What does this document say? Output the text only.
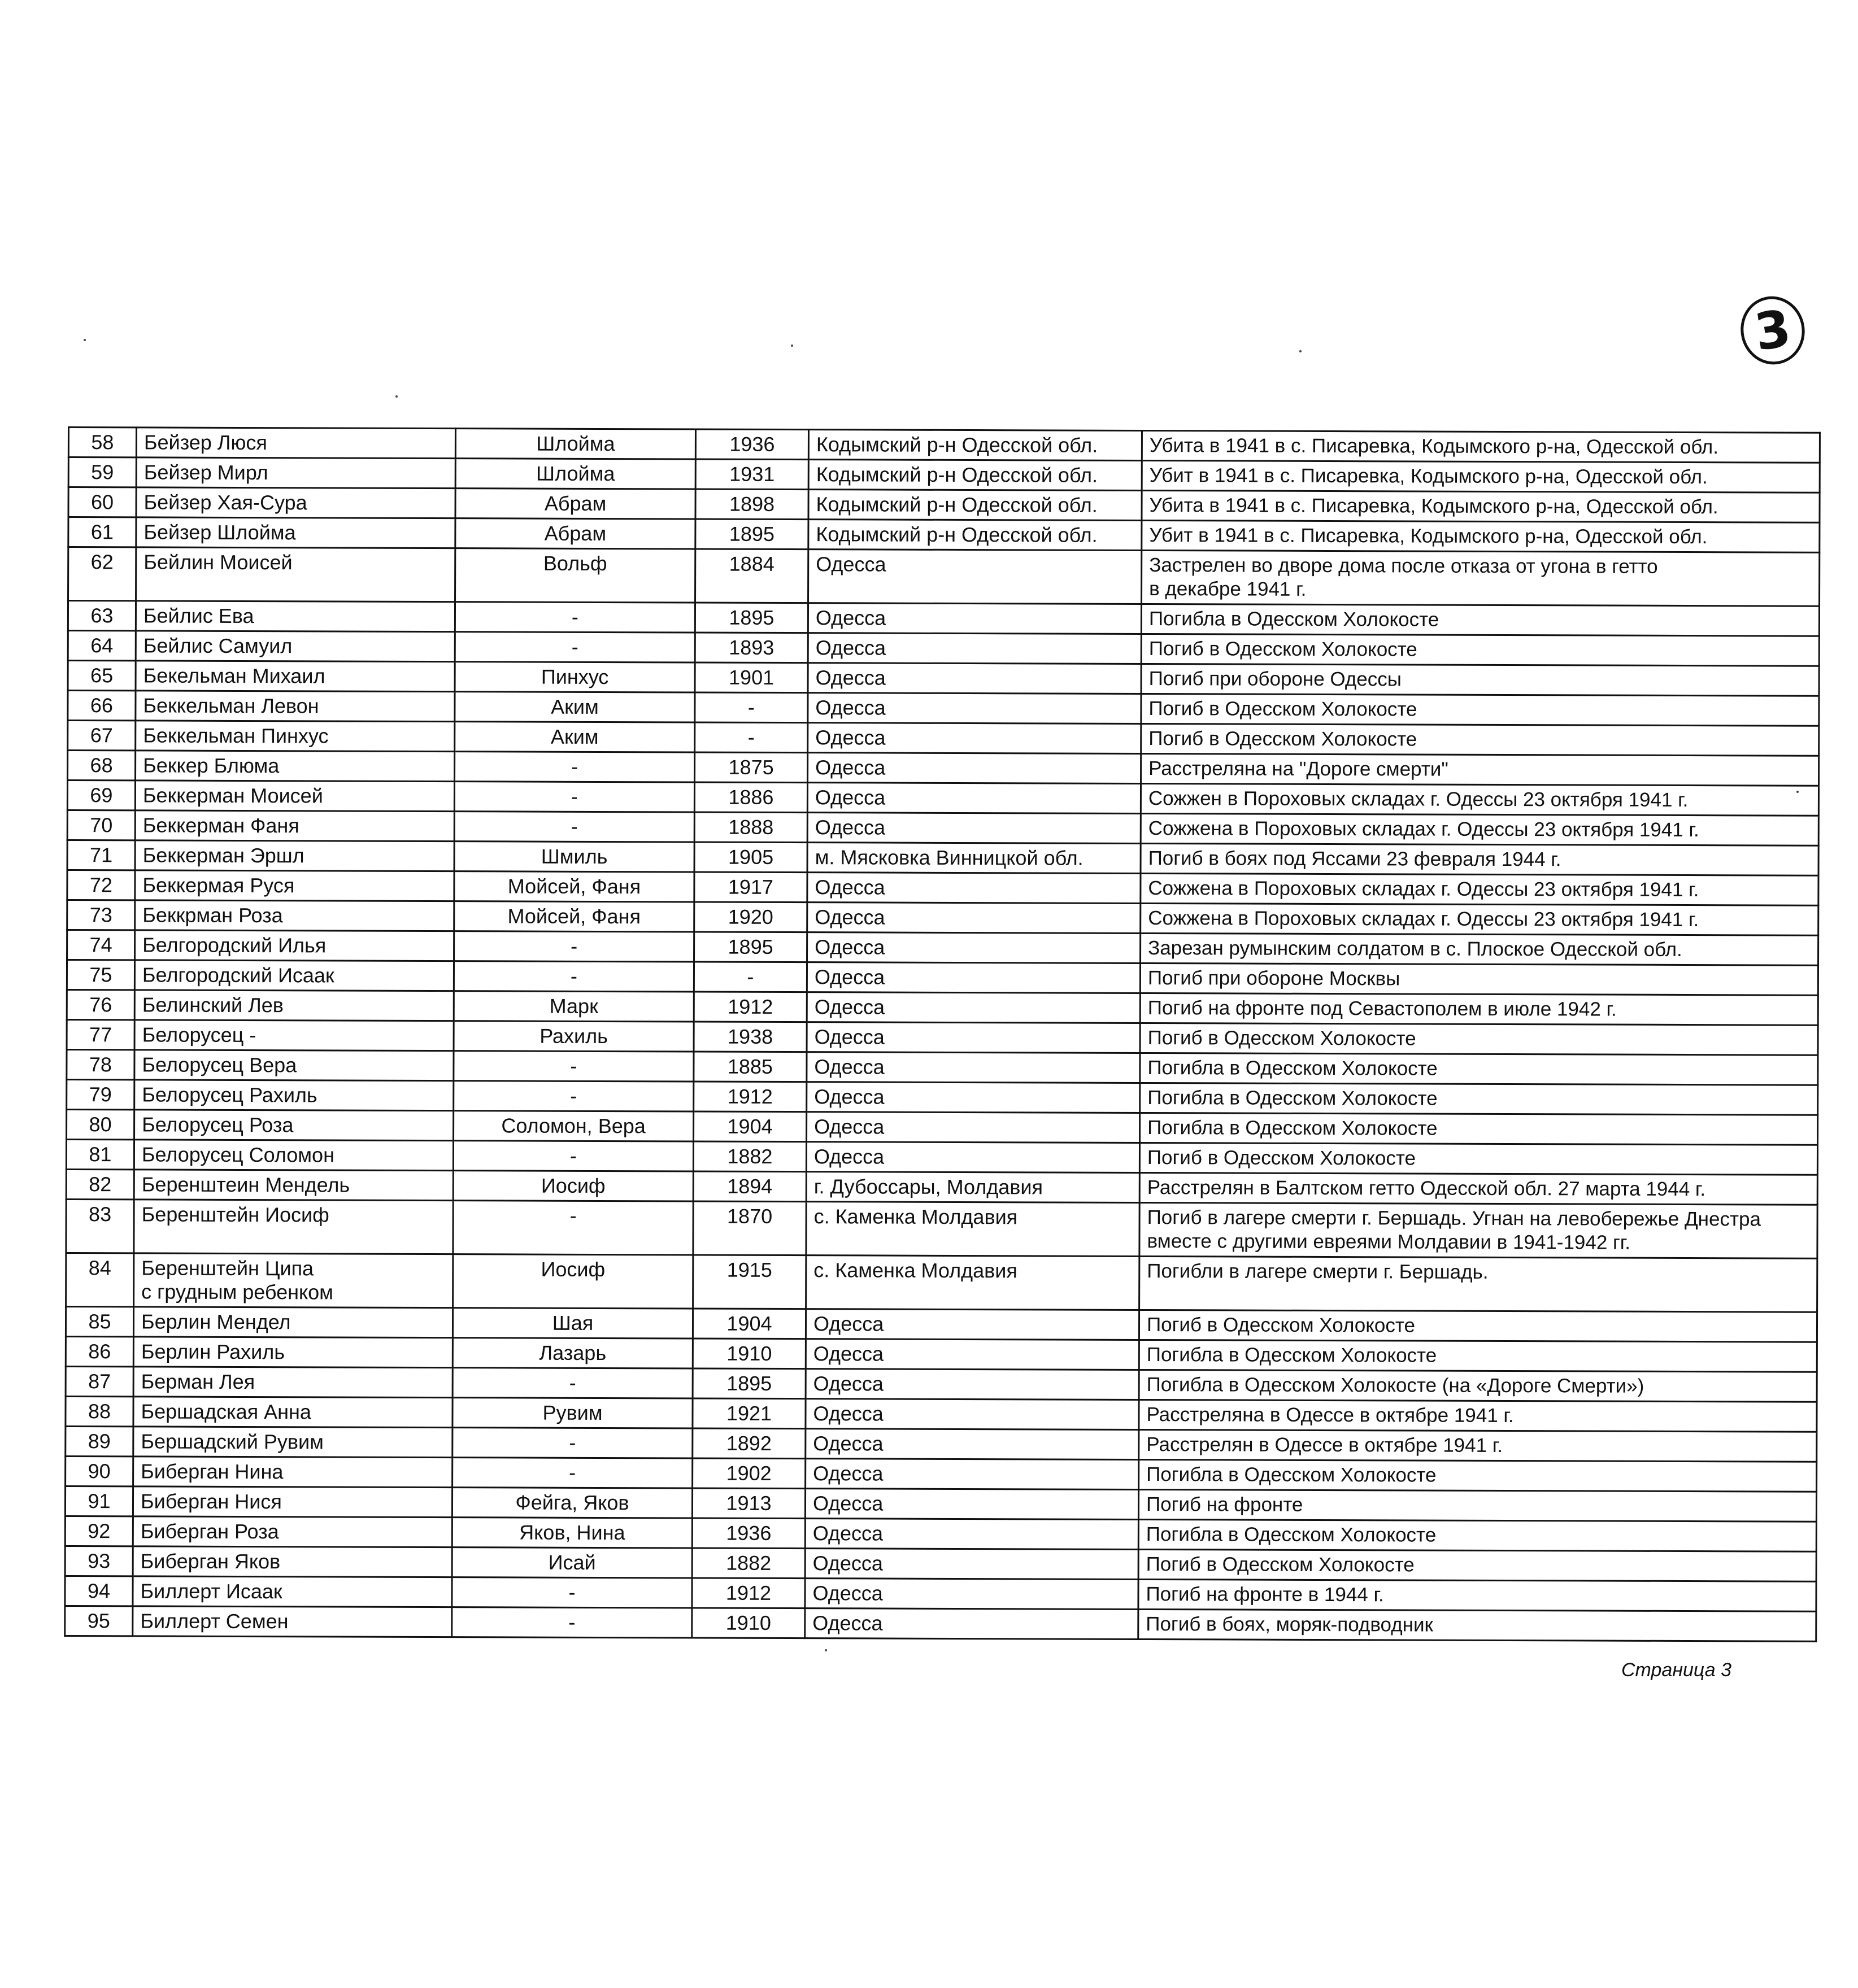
3
58	Бейзер Люся	Шлойма	1936	Кодымский р-н Одесской обл.	Убита в 1941 в с. Писаревка, Кодымского р-на, Одесской обл.
59	Бейзер Мирл	Шлойма	1931	Кодымский р-н Одесской обл.	Убит в 1941 в с. Писаревка, Кодымского р-на, Одесской обл.
60	Бейзер Хая-Сура	Абрам	1898	Кодымский р-н Одесской обл.	Убита в 1941 в с. Писаревка, Кодымского р-на, Одесской обл.
61	Бейзер Шлойма	Абрам	1895	Кодымский р-н Одесской обл.	Убит в 1941 в с. Писаревка, Кодымского р-на, Одесской обл.
62	Бейлин Моисей	Вольф	1884	Одесса	Застрелен во дворе дома после отказа от угона в гетто
в декабре 1941 г.
63	Бейлис Ева	-	1895	Одесса	Погибла в Одесском Холокосте
64	Бейлис Самуил	-	1893	Одесса	Погиб в Одесском Холокосте
65	Бекельман Михаил	Пинхус	1901	Одесса	Погиб при обороне Одессы
66	Беккельман Левон	Аким	-	Одесса	Погиб в Одесском Холокосте
67	Беккельман Пинхус	Аким	-	Одесса	Погиб в Одесском Холокосте
68	Беккер Блюма	-	1875	Одесса	Расстреляна на "Дороге смерти"
69	Беккерман Моисей	-	1886	Одесса	Сожжен в Пороховых складах г. Одессы 23 октября 1941 г.
70	Беккерман Фаня	-	1888	Одесса	Сожжена в Пороховых складах г. Одессы 23 октября 1941 г.
71	Беккерман Эршл	Шмиль	1905	м. Мясковка Винницкой обл.	Погиб в боях под Яссами 23 февраля 1944 г.
72	Беккермая Руся	Мойсей, Фаня	1917	Одесса	Сожжена в Пороховых складах г. Одессы 23 октября 1941 г.
73	Беккрман Роза	Мойсей, Фаня	1920	Одесса	Сожжена в Пороховых складах г. Одессы 23 октября 1941 г.
74	Белгородский Илья	-	1895	Одесса	Зарезан румынским солдатом в с. Плоское Одесской обл.
75	Белгородский Исаак	-	-	Одесса	Погиб при обороне Москвы
76	Белинский Лев	Марк	1912	Одесса	Погиб на фронте под Севастополем в июле 1942 г.
77	Белорусец -	Рахиль	1938	Одесса	Погиб в Одесском Холокосте
78	Белорусец Вера	-	1885	Одесса	Погибла в Одесском Холокосте
79	Белорусец Рахиль	-	1912	Одесса	Погибла в Одесском Холокосте
80	Белорусец Роза	Соломон, Вера	1904	Одесса	Погибла в Одесском Холокосте
81	Белорусец Соломон	-	1882	Одесса	Погиб в Одесском Холокосте
82	Беренштеин Мендель	Иосиф	1894	г. Дубоссары, Молдавия	Расстрелян в Балтском гетто Одесской обл. 27 марта 1944 г.
83	Беренштейн Иосиф	-	1870	с. Каменка Молдавия	Погиб в лагере смерти г. Бершадь. Угнан на левобережье Днестра
вместе с другими евреями Молдавии в 1941-1942 гг.
84	Беренштейн Ципа
с грудным ребенком	Иосиф	1915	с. Каменка Молдавия	Погибли в лагере смерти г. Бершадь.
85	Берлин Мендел	Шая	1904	Одесса	Погиб в Одесском Холокосте
86	Берлин Рахиль	Лазарь	1910	Одесса	Погибла в Одесском Холокосте
87	Берман Лея	-	1895	Одесса	Погибла в Одесском Холокосте (на «Дороге Смерти»)
88	Бершадская Анна	Рувим	1921	Одесса	Расстреляна в Одессе в октябре 1941 г.
89	Бершадский Рувим	-	1892	Одесса	Расстрелян в Одессе в октябре 1941 г.
90	Биберган Нина	-	1902	Одесса	Погибла в Одесском Холокосте
91	Биберган Нися	Фейга, Яков	1913	Одесса	Погиб на фронте
92	Биберган Роза	Яков, Нина	1936	Одесса	Погибла в Одесском Холокосте
93	Биберган Яков	Исай	1882	Одесса	Погиб в Одесском Холокосте
94	Биллерт Исаак	-	1912	Одесса	Погиб на фронте в 1944 г.
95	Биллерт Семен	-	1910	Одесса	Погиб в боях, моряк-подводник
Страница 3
